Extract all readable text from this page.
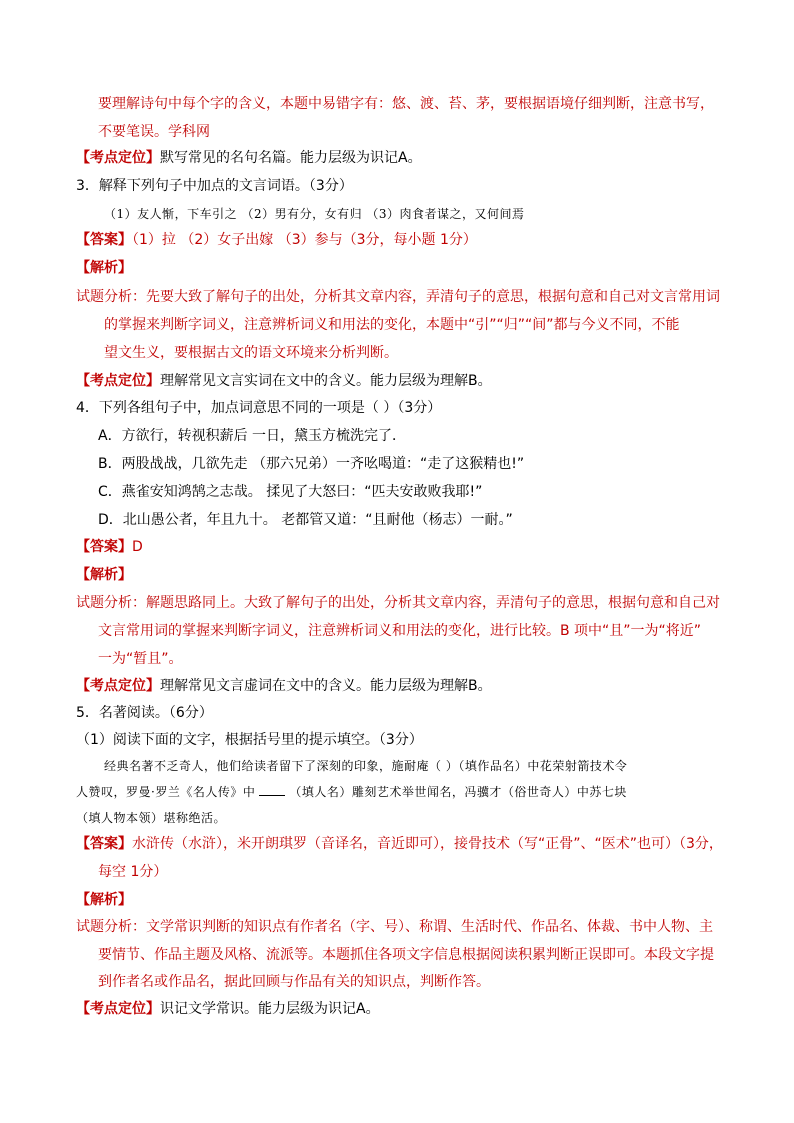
要理解诗句中每个字的含义，本题中易错字有：悠、渡、苔、茅，要根据语境仔细判断，注意书写，
不要笔误。学科网
【考点定位】默写常见的名句名篇。能力层级为识记A。
3．解释下列句子中加点的文言词语。（3分）
（1）友人惭，下车引之 （2）男有分，女有归 （3）肉食者谋之，又何间焉
【答案】（1）拉 （2）女子出嫁 （3）参与（3分，每小题 1分）
【解析】
试题分析：先要大致了解句子的出处，分析其文章内容，弄清句子的意思，根据句意和自己对文言常用词
的掌握来判断字词义，注意辨析词义和用法的变化，本题中“引”“归”“间”都与今义不同，不能
望文生义，要根据古文的语文环境来分析判断。
【考点定位】理解常见文言实词在文中的含义。能力层级为理解B。
4．下列各组句子中，加点词意思不同的一项是（ ）（3分）
A．方欲行，转视积薪后 一日，黛玉方梳洗完了．
B．两股战战，几欲先走 （那六兄弟）一齐吆喝道：“走了这猴精也!”
C．燕雀安知鸿鹄之志哉。 揉见了大怒曰：“匹夫安敢败我耶!”
D．北山愚公者，年且九十。 老都管又道：“且耐他（杨志）一耐。”
【答案】D
【解析】
试题分析：解题思路同上。大致了解句子的出处，分析其文章内容，弄清句子的意思，根据句意和自己对
文言常用词的掌握来判断字词义，注意辨析词义和用法的变化，进行比较。B 项中“且”一为“将近”
一为“暂且”。
【考点定位】理解常见文言虚词在文中的含义。能力层级为理解B。
5．名著阅读。（6分）
（1）阅读下面的文字，根据括号里的提示填空。（3分）
经典名著不乏奇人，他们给读者留下了深刻的印象，施耐庵（ ）（填作品名）中花荣射箭技术令
人赞叹，罗曼·罗兰《名人传》中	（填人名）雕刻艺术举世闻名，冯骥才（俗世奇人）中苏七块
（填人物本领）堪称绝活。
【答案】水浒传（水浒），米开朗琪罗（音译名，音近即可），接骨技术（写“正骨”、“医术”也可）（3分，
每空 1分）
【解析】
试题分析：文学常识判断的知识点有作者名（字、号）、称谓、生活时代、作品名、体裁、书中人物、主
要情节、作品主题及风格、流派等。本题抓住各项文字信息根据阅读积累判断正误即可。本段文字提
到作者名或作品名，据此回顾与作品有关的知识点，判断作答。
【考点定位】识记文学常识。能力层级为识记A。
